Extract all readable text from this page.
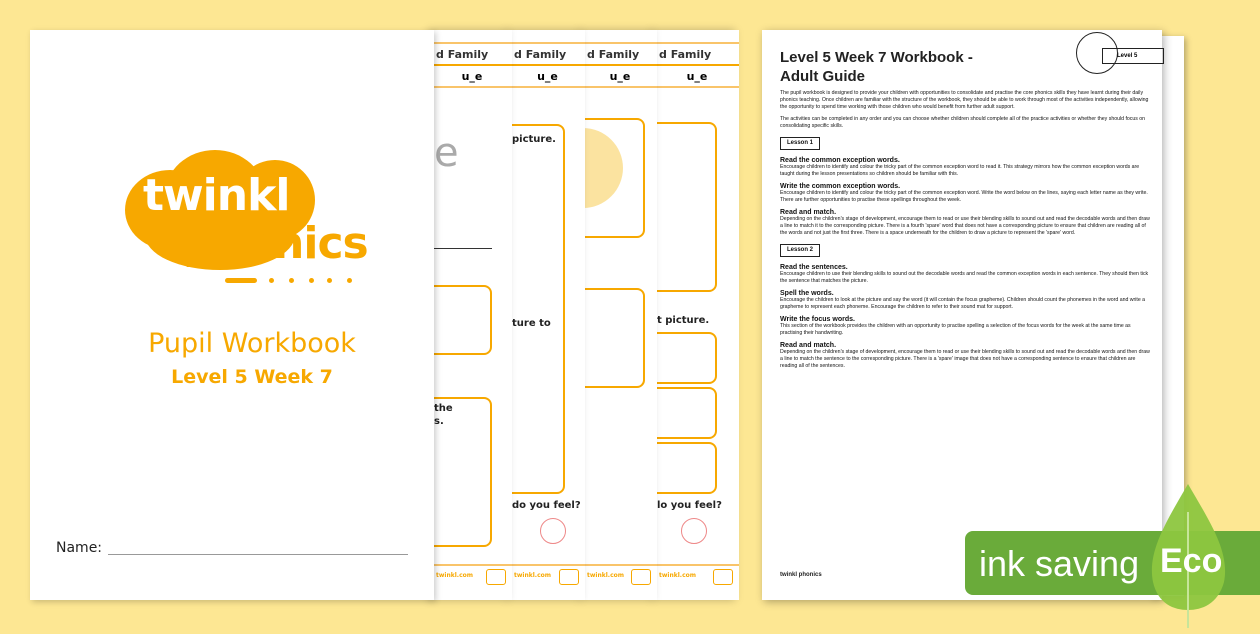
d Family
u_e
t picture.
lo you feel?
twinkl.com
d Family
u_e
twinkl.com
d Family
u_e
picture.
ture to
do you feel?
twinkl.com
d Family
u_e
e
the
s.
twinkl.com
twinkl
phonics
Pupil Workbook
Level 5 Week 7
Name:
Level 5 Week 7 Workbook -
Adult Guide
Level 5

The pupil workbook is designed to provide your children with opportunities to consolidate and practise the core phonics skills they have learnt during their daily phonics teaching. Once children are familiar with the structure of the workbook, they should be able to work through most of the activities independently, allowing the opportunity to spend time working with those children who would benefit from further adult support.

The activities can be completed in any order and you can choose whether children should complete all of the practice activities or whether they should focus on consolidating specific skills.

Lesson 1
Read the common exception words.

Encourage children to identify and colour the tricky part of the common exception word to read it. This strategy mirrors how the common exception words are taught during the lesson presentations so children should be familiar with this.

Write the common exception words.

Encourage children to identify and colour the tricky part of the common exception word. Write the word below on the lines, saying each letter name as they write. There are further opportunities to practise these spellings throughout the week.

Read and match.

Depending on the children's stage of development, encourage them to read or use their blending skills to sound out and read the decodable words and then draw a line to match it to the corresponding picture. There is a fourth 'spare' word that does not have a corresponding picture to ensure that children are reading all of the words and not just the first three. There is a space underneath for the children to draw a picture to represent the 'spare' word.

Lesson 2
Read the sentences.

Encourage children to use their blending skills to sound out the decodable words and read the common exception words in each sentence. They should then tick the sentence that matches the picture.

Spell the words.

Encourage the children to look at the picture and say the word (it will contain the focus grapheme). Children should count the phonemes in the word and write a grapheme to represent each phoneme. Encourage the children to refer to their sound mat for support.

Write the focus words.

This section of the workbook provides the children with an opportunity to practise spelling a selection of the focus words for the week at the same time as practising their handwriting.

Read and match.

Depending on the children's stage of development, encourage them to read or use their blending skills to sound out and read the decodable words and then draw a line to match the sentence to the corresponding picture. There is a 'spare' image that does not have a corresponding sentence to ensure that children are reading all of the sentences.

twinkl phonics	ink saving Eco
